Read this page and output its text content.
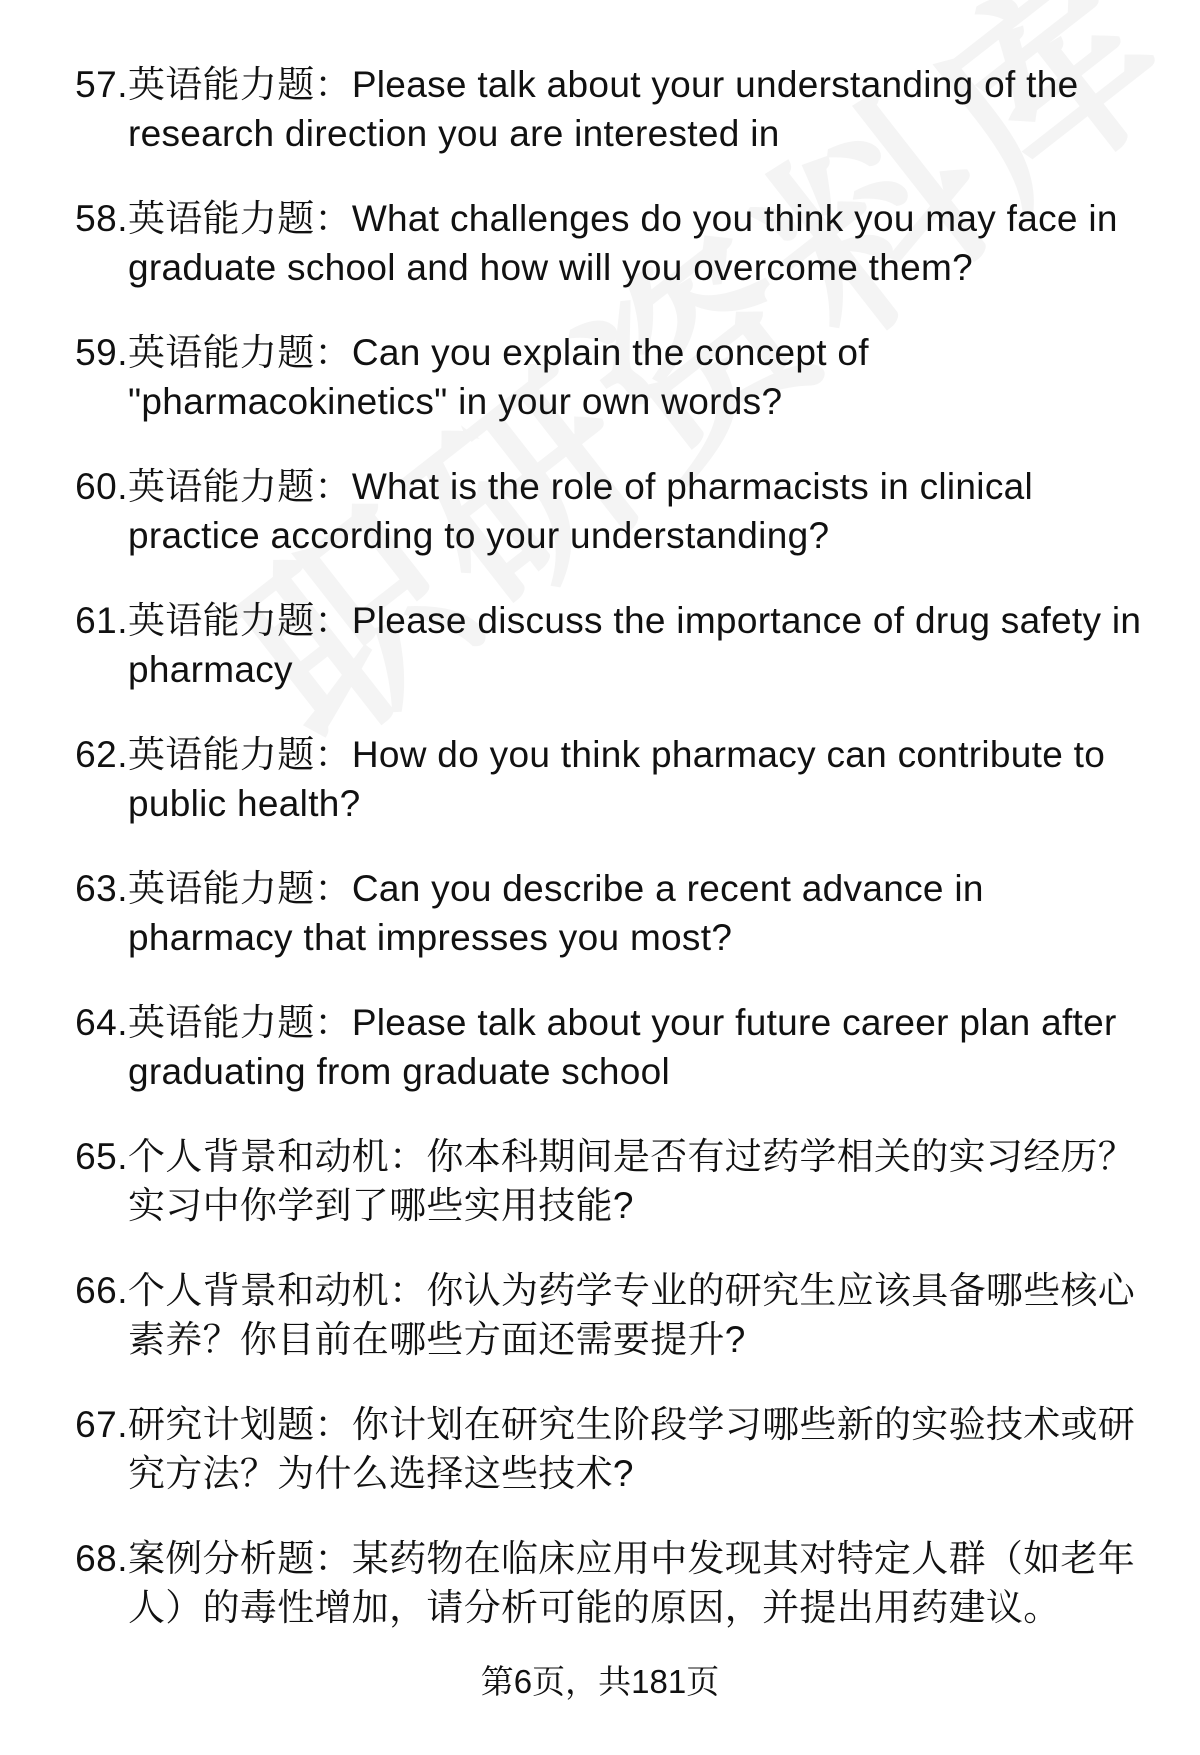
57. 英语能力题：Please talk about your understanding of the research direction you are interested in
58. 英语能力题：What challenges do you think you may face in graduate school and how will you overcome them?
59. 英语能力题：Can you explain the concept of "pharmacokinetics" in your own words?
60. 英语能力题：What is the role of pharmacists in clinical practice according to your understanding?
61. 英语能力题：Please discuss the importance of drug safety in pharmacy
62. 英语能力题：How do you think pharmacy can contribute to public health?
63. 英语能力题：Can you describe a recent advance in pharmacy that impresses you most?
64. 英语能力题：Please talk about your future career plan after graduating from graduate school
65. 个人背景和动机：你本科期间是否有过药学相关的实习经历？实习中你学到了哪些实用技能?
66. 个人背景和动机：你认为药学专业的研究生应该具备哪些核心素养？你目前在哪些方面还需要提升?
67. 研究计划题：你计划在研究生阶段学习哪些新的实验技术或研究方法？为什么选择这些技术?
68. 案例分析题：某药物在临床应用中发现其对特定人群（如老年人）的毒性增加，请分析可能的原因，并提出用药建议。
第6页，共181页
